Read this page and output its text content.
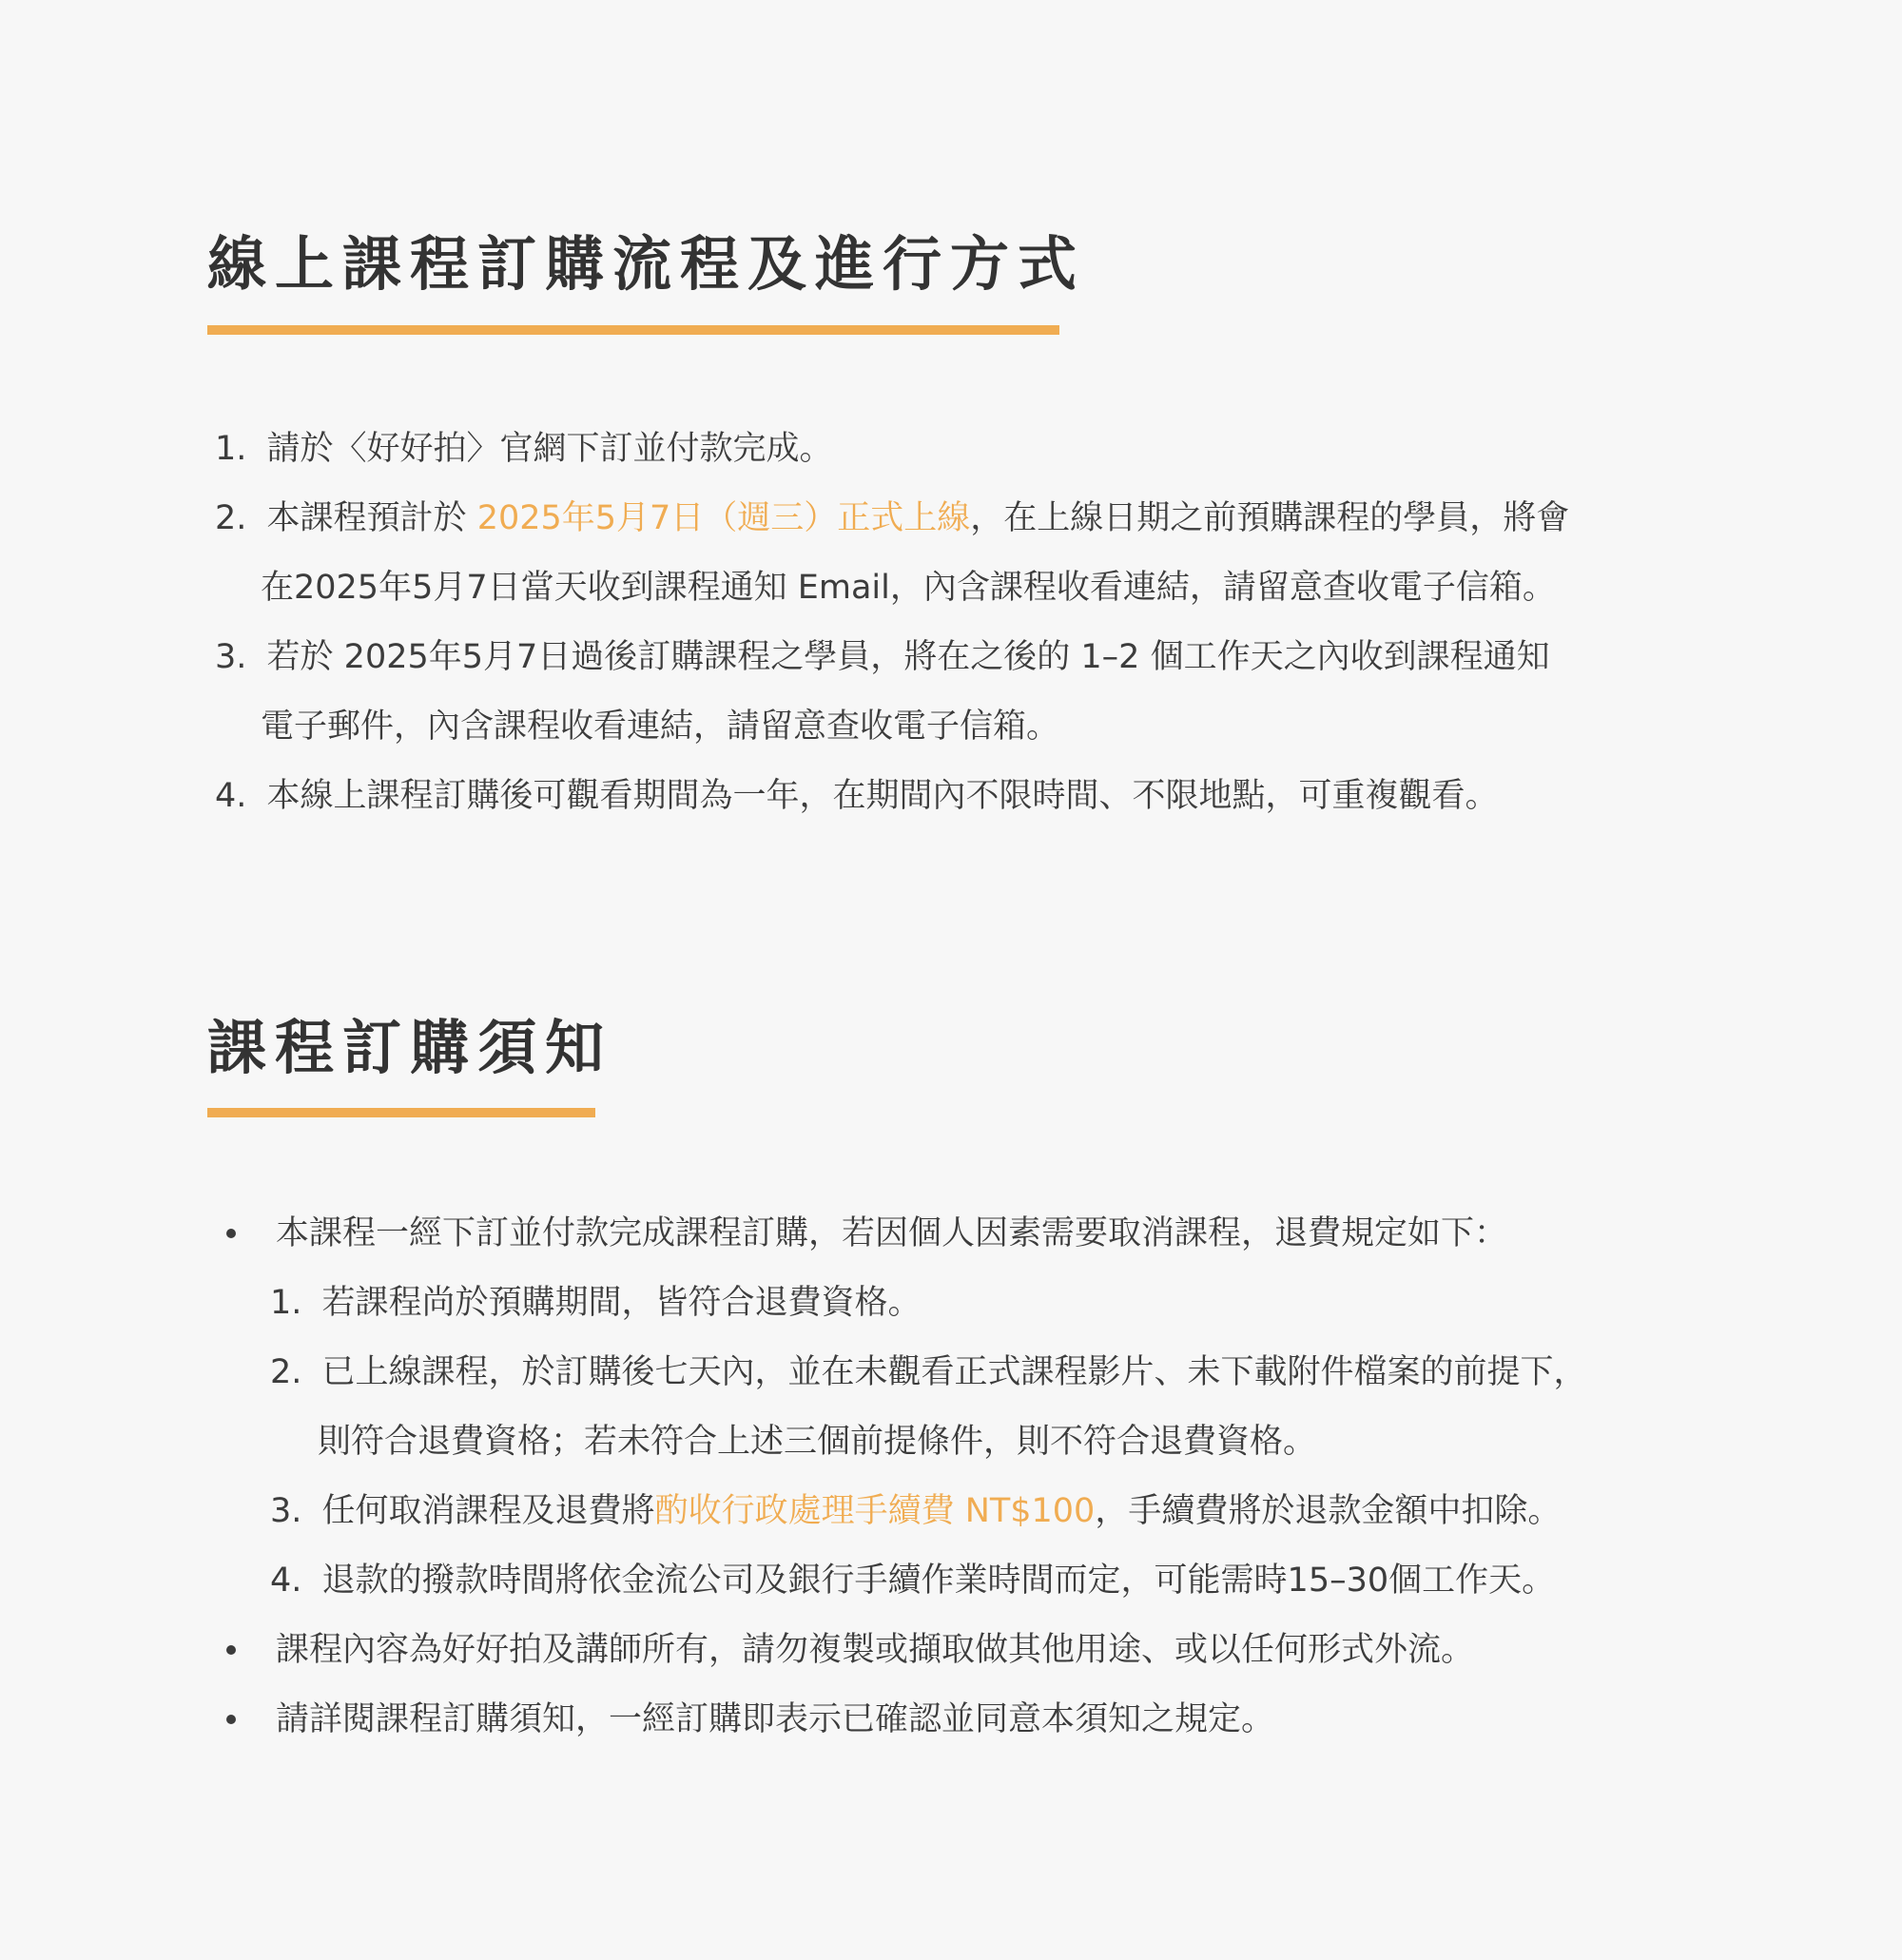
線上課程訂購流程及進行方式
1. 請於〈好好拍〉官網下訂並付款完成。
2. 本課程預計於 2025年5月7日（週三）正式上線，在上線日期之前預購課程的學員，將會
在2025年5月7日當天收到課程通知 Email，內含課程收看連結，請留意查收電子信箱。
3. 若於 2025年5月7日過後訂購課程之學員，將在之後的 1–2 個工作天之內收到課程通知
電子郵件，內含課程收看連結，請留意查收電子信箱。
4. 本線上課程訂購後可觀看期間為一年，在期間內不限時間、不限地點，可重複觀看。
課程訂購須知
本課程一經下訂並付款完成課程訂購，若因個人因素需要取消課程，退費規定如下：
1. 若課程尚於預購期間，皆符合退費資格。
2. 已上線課程，於訂購後七天內，並在未觀看正式課程影片、未下載附件檔案的前提下，
則符合退費資格；若未符合上述三個前提條件，則不符合退費資格。
3. 任何取消課程及退費將酌收行政處理手續費 NT$100，手續費將於退款金額中扣除。
4. 退款的撥款時間將依金流公司及銀行手續作業時間而定，可能需時15–30個工作天。
課程內容為好好拍及講師所有，請勿複製或擷取做其他用途、或以任何形式外流。
請詳閱課程訂購須知，一經訂購即表示已確認並同意本須知之規定。
